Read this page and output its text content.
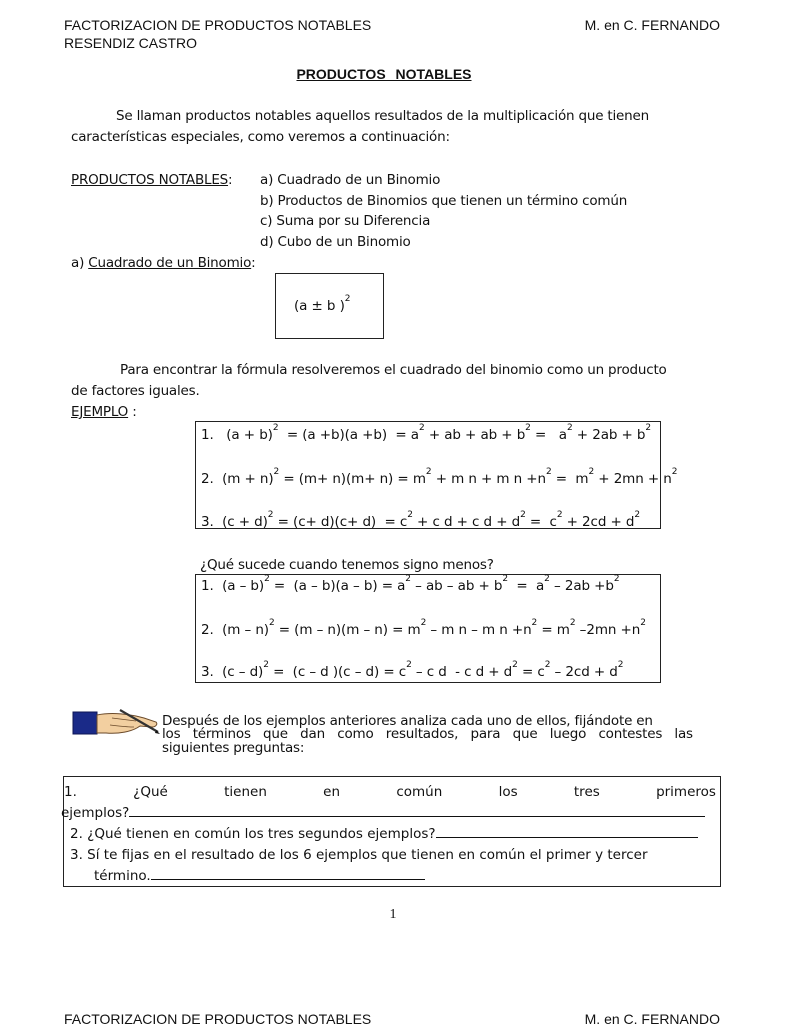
FACTORIZACION DE PRODUCTOS NOTABLES
RESENDIZ CASTRO
M. en C. FERNANDO
PRODUCTOS NOTABLES
Se llaman productos notables aquellos resultados de la multiplicación que tienen
características especiales, como veremos a continuación:
PRODUCTOS NOTABLES: a) Cuadrado de un Binomio
b) Productos de Binomios que tienen un término común
c) Suma por su Diferencia
d) Cubo de un Binomio
a) Cuadrado de un Binomio:
(a ± b )$^2$
Para encontrar la fórmula resolveremos el cuadrado del binomio como un producto
de factores iguales.
EJEMPLO :
1.   $(a + b)^2 = (a +b)(a +b) = a^2$ + ab + ab + $b^2 = a^2 + 2ab + b^2$
2.  $(m + n)^2 = (m+ n)(m+ n) = m^2 + m$ n + m $n +n^2 = m^2 + 2mn + n^2$
3.  $(c + d)^2 = (c+ d)(c+ d) = c^2 + c$ d + c $d + d^2 = c^2 + 2cd + d^2$
¿Qué sucede cuando tenemos signo menos?
1.  $(a - b)^2 = (a - b)(a - b) = a^2$ – ab – ab + $b^2 = a^2 - 2ab +b^2$
2.  $(m - n)^2 = (m - n)(m - n) = m^2 - m$ n – m $n +n^2 = m^2$ $-2mn +n^2$
3.  (c – d)$^2$ =  (c – d )$(c - d) = c^2 - c$ d  - c $d + d^2 = c^2 - 2cd + d^2$
Después de los ejemplos anteriores analiza cada uno de ellos, fijándote en
los   términos   que   dan   como   resultados,   para   que   luego   contestes   las
siguientes preguntas:
1.	¿Qué	tienen	en	común	los	tres	primeros
ejemplos?
2. ¿Qué tienen en común los tres segundos ejemplos?
3. Sí te fijas en el resultado de los 6 ejemplos que tienen en común el primer y tercer
término.
1
FACTORIZACION DE PRODUCTOS NOTABLES	M. en C. FERNANDO
